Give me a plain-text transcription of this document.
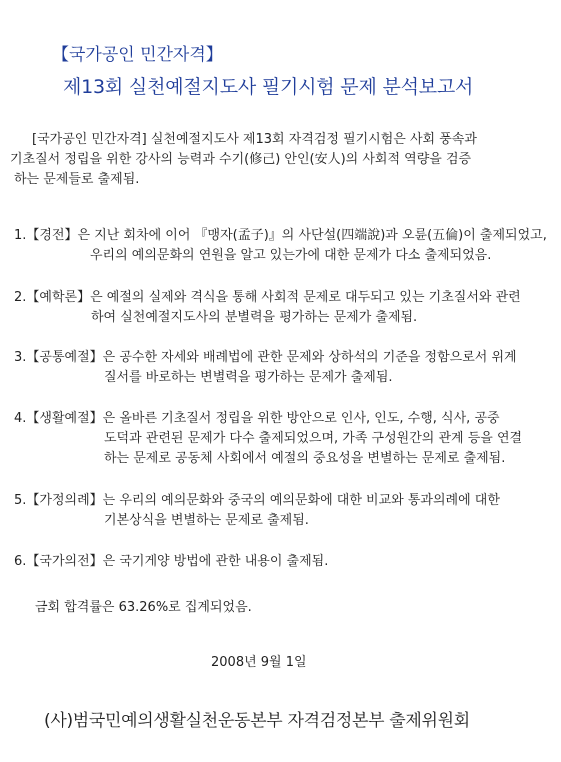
【국가공인 민간자격】
제13회 실천예절지도사 필기시험 문제 분석보고서
[국가공인 민간자격] 실천예절지도사 제13회 자격검정 필기시험은 사회 풍속과
기초질서 정립을 위한 강사의 능력과 수기(修己) 안인(安人)의 사회적 역량을 검증
하는 문제들로 출제됨.
1.【경전】은 지난 회차에 이어 『맹자(孟子)』의 사단설(四端說)과 오륜(五倫)이 출제되었고,
우리의 예의문화의 연원을 알고 있는가에 대한 문제가 다소 출제되었음.
2.【예학론】은 예절의 실제와 격식을 통해 사회적 문제로 대두되고 있는 기초질서와 관련
하여 실천예절지도사의 분별력을 평가하는 문제가 출제됨.
3.【공통예절】은 공수한 자세와 배례법에 관한 문제와 상하석의 기준을 정함으로서 위계
질서를 바로하는 변별력을 평가하는 문제가 출제됨.
4.【생활예절】은 올바른 기초질서 정립을 위한 방안으로 인사, 인도, 수행, 식사, 공중
도덕과 관련된 문제가 다수 출제되었으며, 가족 구성원간의 관계 등을 연결
하는 문제로 공동체 사회에서 예절의 중요성을 변별하는 문제로 출제됨.
5.【가정의례】는 우리의 예의문화와 중국의 예의문화에 대한 비교와 통과의례에 대한
기본상식을 변별하는 문제로 출제됨.
6.【국가의전】은 국기게양 방법에 관한 내용이 출제됨.
금회 합격률은 63.26%로 집계되었음.
2008년 9월 1일
(사)범국민예의생활실천운동본부 자격검정본부 출제위원회
